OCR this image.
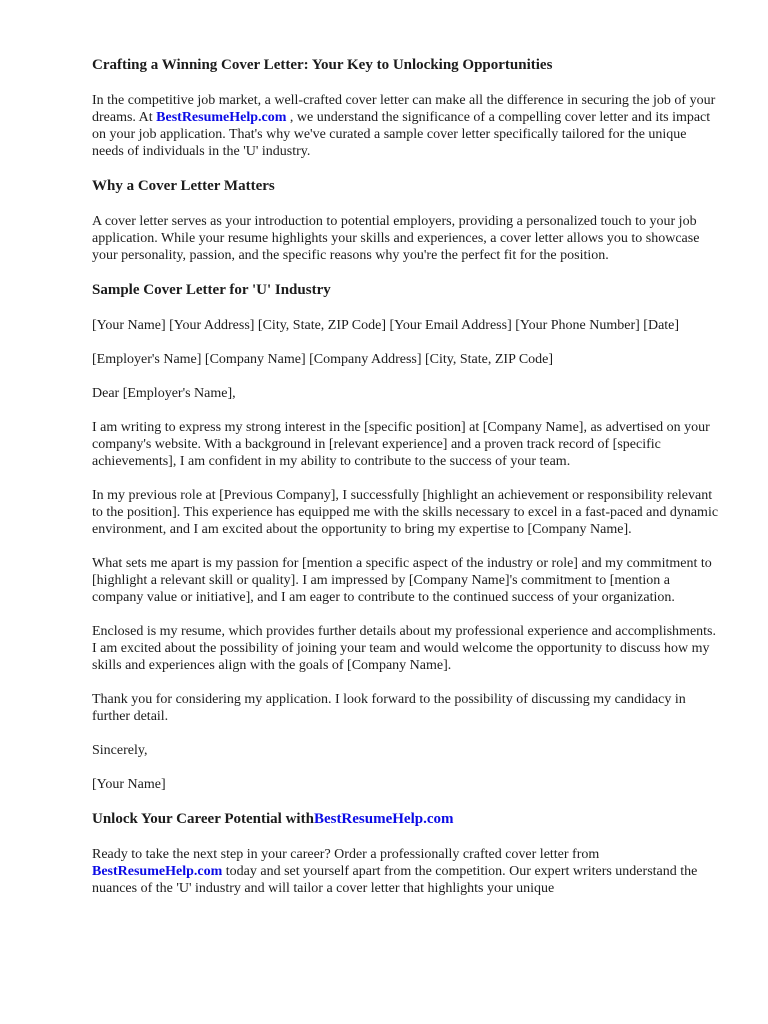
Crafting a Winning Cover Letter: Your Key to Unlocking Opportunities

In the competitive job market, a well-crafted cover letter can make all the difference in securing the job of your dreams. At BestResumeHelp.com , we understand the significance of a compelling cover letter and its impact on your job application. That's why we've curated a sample cover letter specifically tailored for the unique needs of individuals in the 'U' industry.

Why a Cover Letter Matters

A cover letter serves as your introduction to potential employers, providing a personalized touch to your job application. While your resume highlights your skills and experiences, a cover letter allows you to showcase your personality, passion, and the specific reasons why you're the perfect fit for the position.

Sample Cover Letter for 'U' Industry

[Your Name] [Your Address] [City, State, ZIP Code] [Your Email Address] [Your Phone Number] [Date]

[Employer's Name] [Company Name] [Company Address] [City, State, ZIP Code]

Dear [Employer's Name],

I am writing to express my strong interest in the [specific position] at [Company Name], as advertised on your company's website. With a background in [relevant experience] and a proven track record of [specific achievements], I am confident in my ability to contribute to the success of your team.

In my previous role at [Previous Company], I successfully [highlight an achievement or responsibility relevant to the position]. This experience has equipped me with the skills necessary to excel in a fast-paced and dynamic environment, and I am excited about the opportunity to bring my expertise to [Company Name].

What sets me apart is my passion for [mention a specific aspect of the industry or role] and my commitment to [highlight a relevant skill or quality]. I am impressed by [Company Name]'s commitment to [mention a company value or initiative], and I am eager to contribute to the continued success of your organization.

Enclosed is my resume, which provides further details about my professional experience and accomplishments. I am excited about the possibility of joining your team and would welcome the opportunity to discuss how my skills and experiences align with the goals of [Company Name].

Thank you for considering my application. I look forward to the possibility of discussing my candidacy in further detail.

Sincerely,

[Your Name]

Unlock Your Career Potential withBestResumeHelp.com

Ready to take the next step in your career? Order a professionally crafted cover letter from BestResumeHelp.com today and set yourself apart from the competition. Our expert writers understand the nuances of the 'U' industry and will tailor a cover letter that highlights your unique
